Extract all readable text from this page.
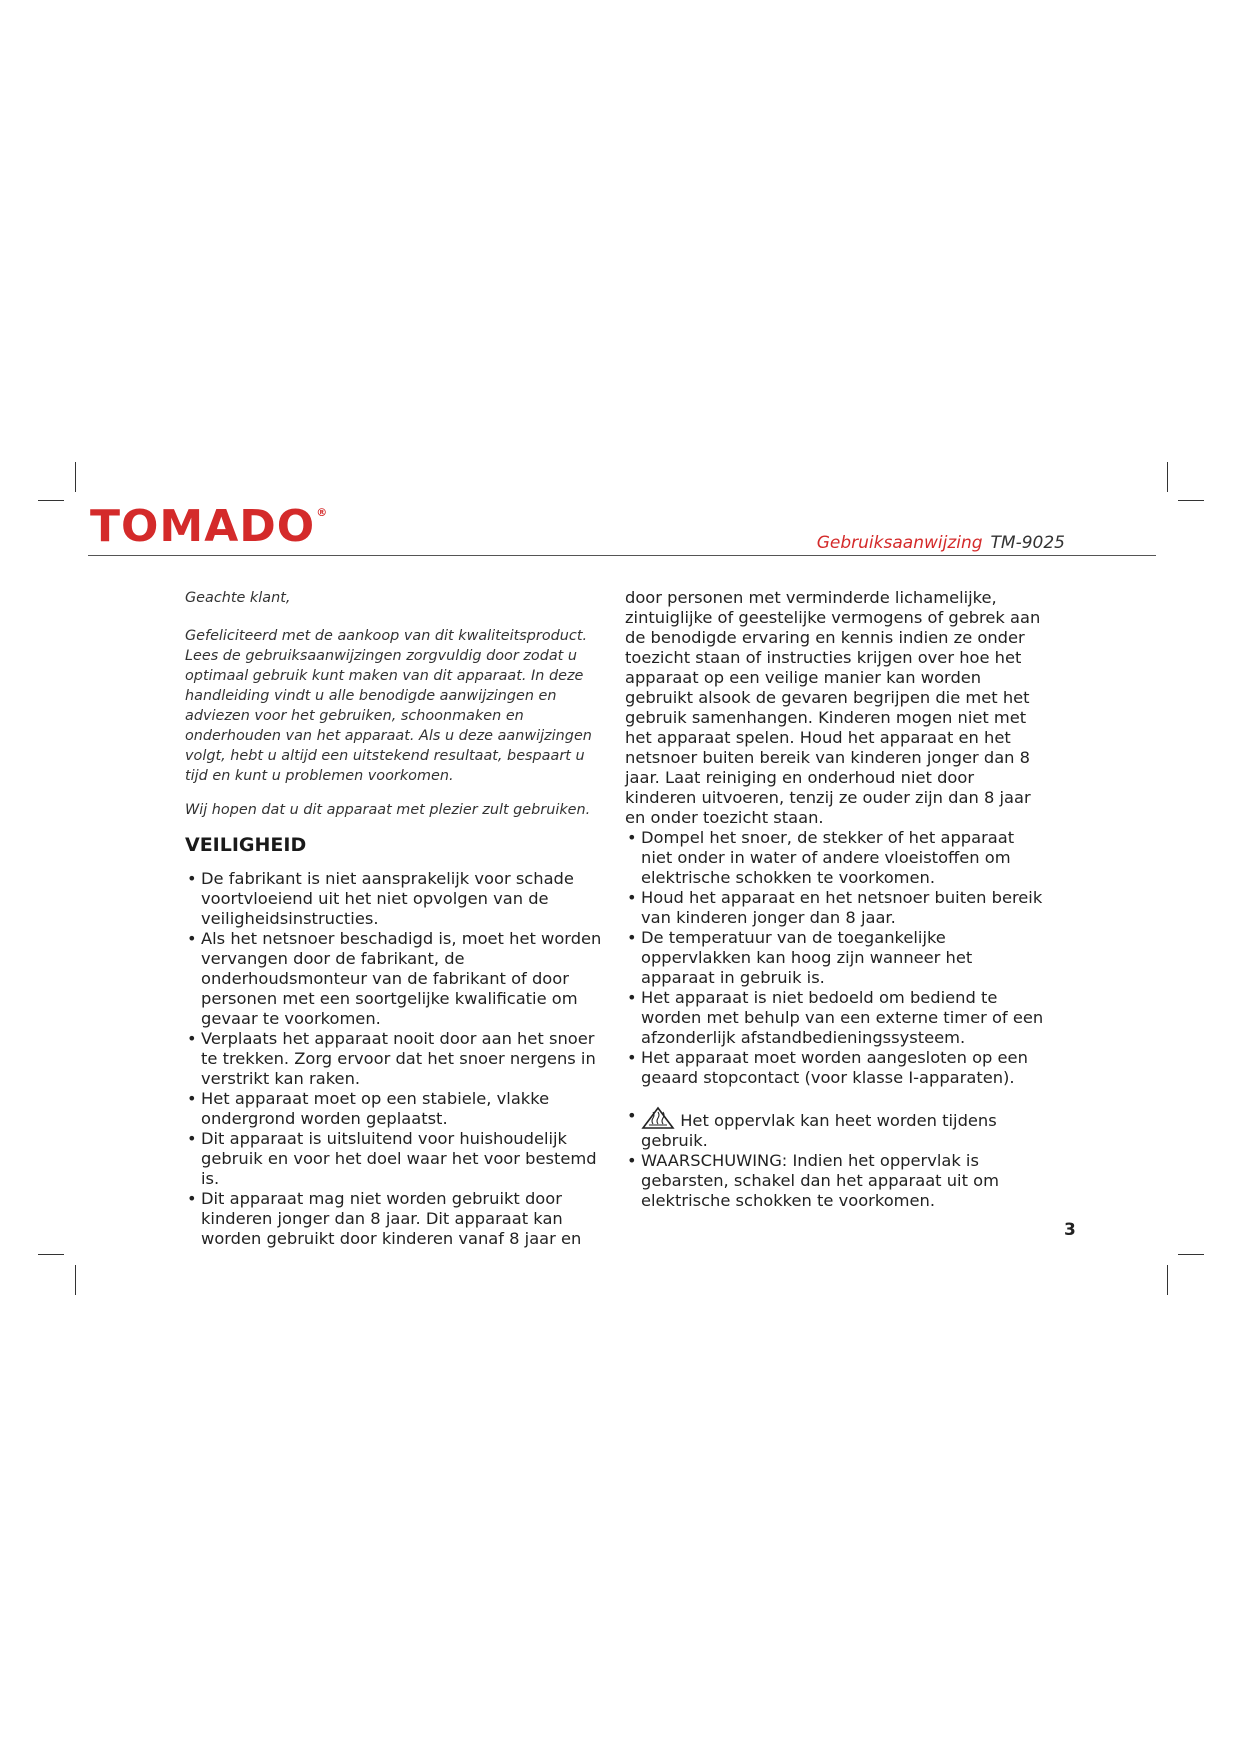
TOMADO®
Gebruiksaanwijzing TM-9025

Geachte klant,

Gefeliciteerd met de aankoop van dit kwaliteitsproduct. Lees de gebruiksaanwijzingen zorgvuldig door zodat u optimaal gebruik kunt maken van dit apparaat. In deze handleiding vindt u alle benodigde aanwijzingen en adviezen voor het gebruiken, schoonmaken en onderhouden van het apparaat. Als u deze aanwijzingen volgt, hebt u altijd een uitstekend resultaat, bespaart u tijd en kunt u problemen voorkomen.

Wij hopen dat u dit apparaat met plezier zult gebruiken.

VEILIGHEID
• De fabrikant is niet aansprakelijk voor schade voortvloeiend uit het niet opvolgen van de veiligheidsinstructies.
• Als het netsnoer beschadigd is, moet het worden vervangen door de fabrikant, de onderhoudsmonteur van de fabrikant of door personen met een soortgelijke kwalificatie om gevaar te voorkomen.
• Verplaats het apparaat nooit door aan het snoer te trekken. Zorg ervoor dat het snoer nergens in verstrikt kan raken.
• Het apparaat moet op een stabiele, vlakke ondergrond worden geplaatst.
• Dit apparaat is uitsluitend voor huishoudelijk gebruik en voor het doel waar het voor bestemd is.
• Dit apparaat mag niet worden gebruikt door kinderen jonger dan 8 jaar. Dit apparaat kan worden gebruikt door kinderen vanaf 8 jaar en
door personen met verminderde lichamelijke, zintuiglijke of geestelijke vermogens of gebrek aan de benodigde ervaring en kennis indien ze onder toezicht staan of instructies krijgen over hoe het apparaat op een veilige manier kan worden gebruikt alsook de gevaren begrijpen die met het gebruik samenhangen. Kinderen mogen niet met het apparaat spelen. Houd het apparaat en het netsnoer buiten bereik van kinderen jonger dan 8 jaar. Laat reiniging en onderhoud niet door kinderen uitvoeren, tenzij ze ouder zijn dan 8 jaar en onder toezicht staan.
• Dompel het snoer, de stekker of het apparaat niet onder in water of andere vloeistoffen om elektrische schokken te voorkomen.
• Houd het apparaat en het netsnoer buiten bereik van kinderen jonger dan 8 jaar.
• De temperatuur van de toegankelijke oppervlakken kan hoog zijn wanneer het apparaat in gebruik is.
• Het apparaat is niet bedoeld om bediend te worden met behulp van een externe timer of een afzonderlijk afstandbedieningssysteem.
• Het apparaat moet worden aangesloten op een geaard stopcontact (voor klasse I-apparaten).
• Het oppervlak kan heet worden tijdens gebruik.
• WAARSCHUWING: Indien het oppervlak is gebarsten, schakel dan het apparaat uit om elektrische schokken te voorkomen.
3
